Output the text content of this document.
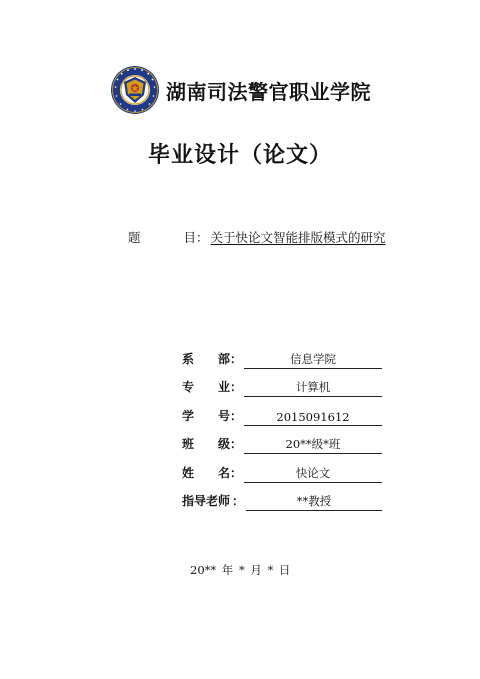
湖南司法警官职业学院
毕业设计（论文）
题	目 ： 关于快论文智能排版模式的研究
系 部 ：	信息学院
专 业 ：	计算机
学 号 ：	2015091612
班 级 ：	20**级*班
姓 名 ：	快论文
指导老师 ：	**教授
20** 年 * 月 * 日
